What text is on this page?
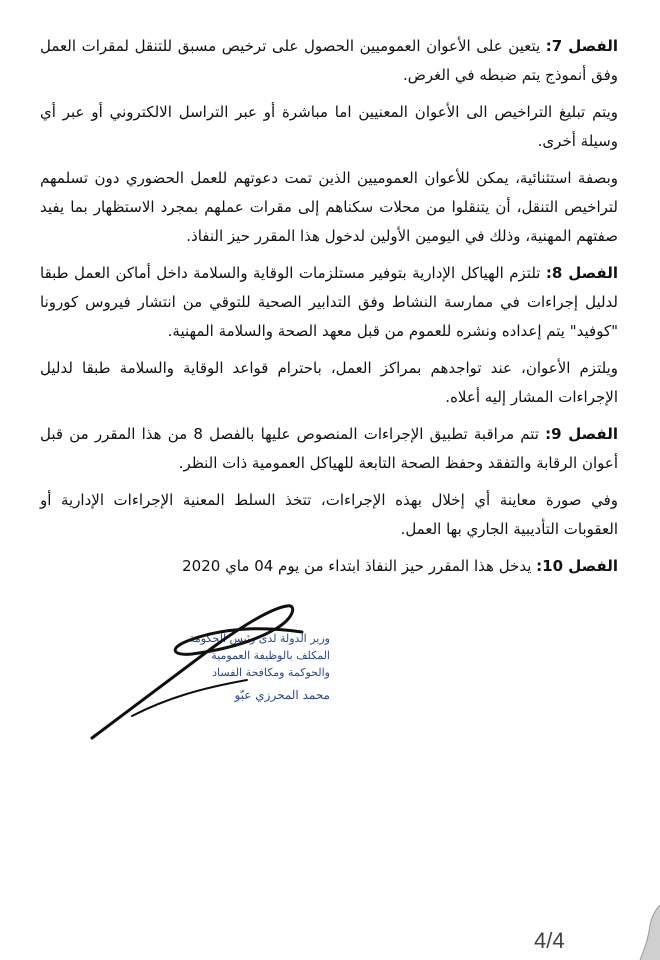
الفصل 7: يتعين على الأعوان العموميين الحصول على ترخيص مسبق للتنقل لمقرات العمل وفق أنموذج يتم ضبطه في الغرض.

ويتم تبليغ التراخيص الى الأعوان المعنيين اما مباشرة أو عبر التراسل الالكتروني أو عبر أي وسيلة أخرى.

وبصفة استثنائية، يمكن للأعوان العموميين الذين تمت دعوتهم للعمل الحضوري دون تسلمهم لتراخيص التنقل، أن يتنقلوا من محلات سكناهم إلى مقرات عملهم بمجرد الاستظهار بما يفيد صفتهم المهنية، وذلك في اليومين الأولين لدخول هذا المقرر حيز النفاذ.

الفصل 8: تلتزم الهياكل الإدارية بتوفير مستلزمات الوقاية والسلامة داخل أماكن العمل طبقا لدليل إجراءات في ممارسة النشاط وفق التدابير الصحية للتوقي من انتشار فيروس كورونا "كوفيد" يتم إعداده ونشره للعموم من قبل معهد الصحة والسلامة المهنية.

ويلتزم الأعوان، عند تواجدهم بمراكز العمل، باحترام قواعد الوقاية والسلامة طبقا لدليل الإجراءات المشار إليه أعلاه.

الفصل 9: تتم مراقبة تطبيق الإجراءات المنصوص عليها بالفصل 8 من هذا المقرر من قبل أعوان الرقابة والتفقد وحفظ الصحة التابعة للهياكل العمومية ذات النظر.

وفي صورة معاينة أي إخلال بهذه الإجراءات، تتخذ السلط المعنية الإجراءات الإدارية أو العقوبات التأديبية الجاري بها العمل.

الفصل 10: يدخل هذا المقرر حيز النفاذ ابتداء من يوم 04 ماي 2020

وزير الدولة لدى رئيس الحكومة
المكلف بالوظيفة العمومية
والحوكمة ومكافحة الفساد
محمد المحرزي عبّو
4/4
